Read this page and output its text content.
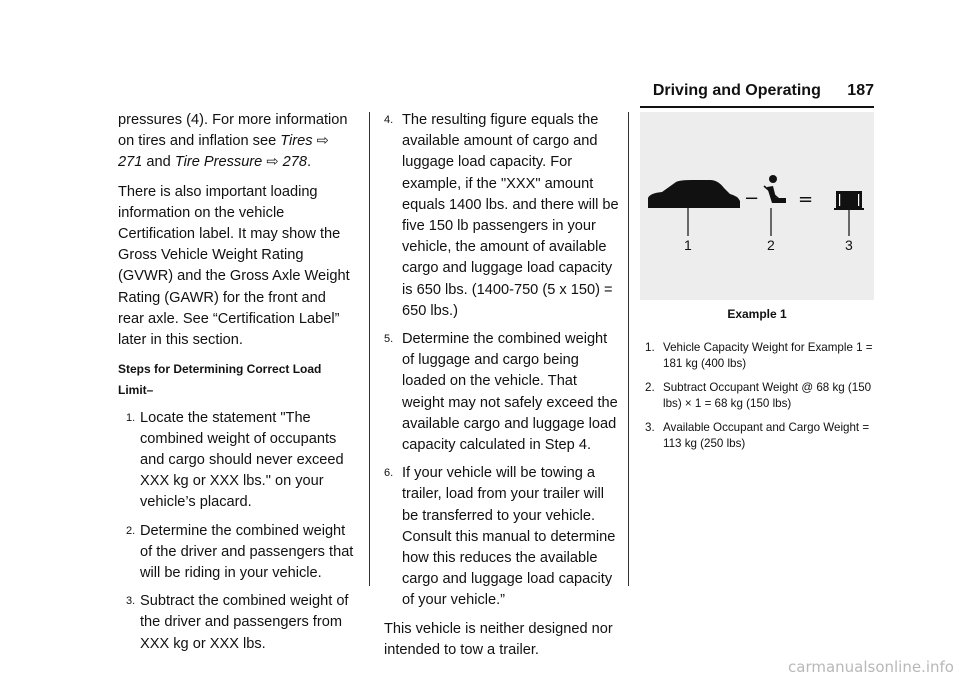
Driving and Operating 187

pressures (4). For more information on tires and inflation see Tires ⇨ 271 and Tire Pressure ⇨ 278.

There is also important loading information on the vehicle Certification label. It may show the Gross Vehicle Weight Rating (GVWR) and the Gross Axle Weight Rating (GAWR) for the front and rear axle. See “Certification Label” later in this section.

Steps for Determining Correct Load Limit–
1. Locate the statement "The combined weight of occupants and cargo should never exceed XXX kg or XXX lbs." on your vehicle’s placard.
2. Determine the combined weight of the driver and passengers that will be riding in your vehicle.
3. Subtract the combined weight of the driver and passengers from XXX kg or XXX lbs.
4. The resulting figure equals the available amount of cargo and luggage load capacity. For example, if the "XXX" amount equals 1400 lbs. and there will be five 150 lb passengers in your vehicle, the amount of available cargo and luggage load capacity is 650 lbs. (1400-750 (5 x 150) = 650 lbs.)
5. Determine the combined weight of luggage and cargo being loaded on the vehicle. That weight may not safely exceed the available cargo and luggage load capacity calculated in Step 4.
6. If your vehicle will be towing a trailer, load from your trailer will be transferred to your vehicle. Consult this manual to determine how this reduces the available cargo and luggage load capacity of your vehicle.”

This vehicle is neither designed nor intended to tow a trailer.

− =
1	2	3
Example 1
1. Vehicle Capacity Weight for Example 1 = 181 kg (400 lbs)
2. Subtract Occupant Weight @ 68 kg (150 lbs) × 1 = 68 kg (150 lbs)
3. Available Occupant and Cargo Weight = 113 kg (250 lbs)
carmanualsonline.info
